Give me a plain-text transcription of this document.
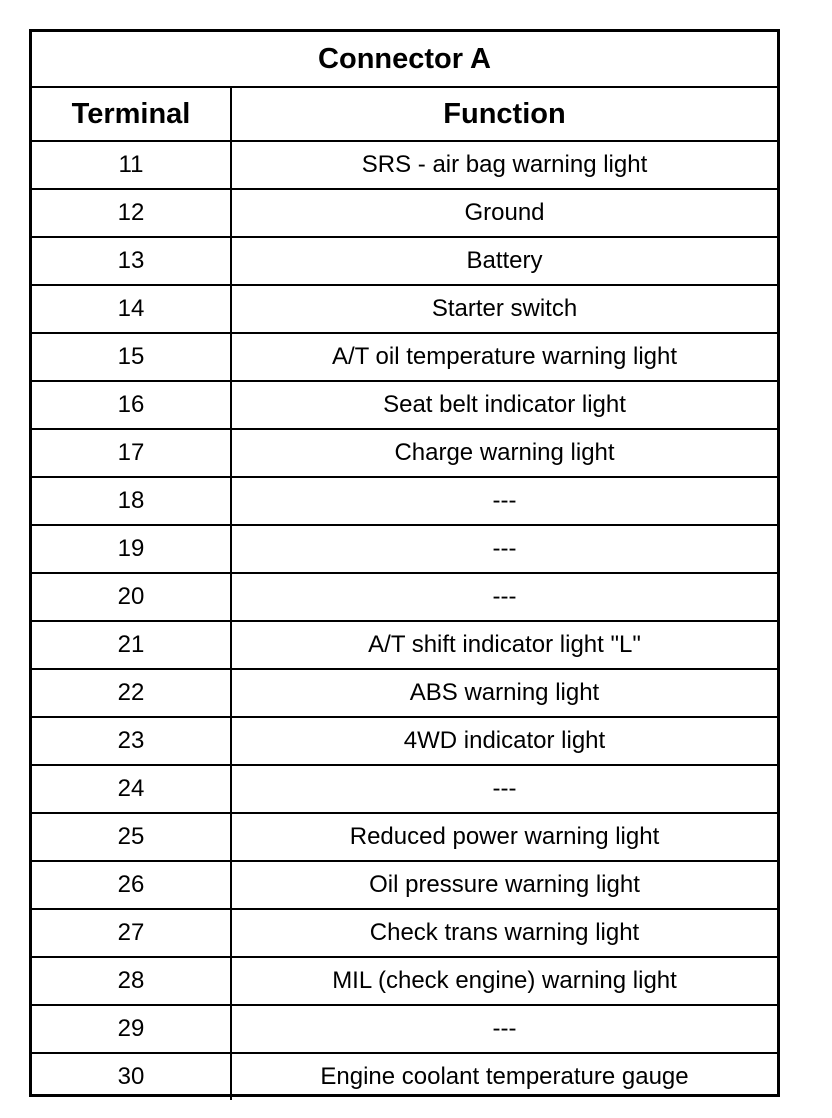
Connector A	
Terminal	Function
11	SRS - air bag warning light
12	Ground
13	Battery
14	Starter switch
15	A/T oil temperature warning light
16	Seat belt indicator light
17	Charge warning light
18	---
19	---
20	---
21	A/T shift indicator light "L"
22	ABS warning light
23	4WD indicator light
24	---
25	Reduced power warning light
26	Oil pressure warning light
27	Check trans warning light
28	MIL (check engine) warning light
29	---
30	Engine coolant temperature gauge
